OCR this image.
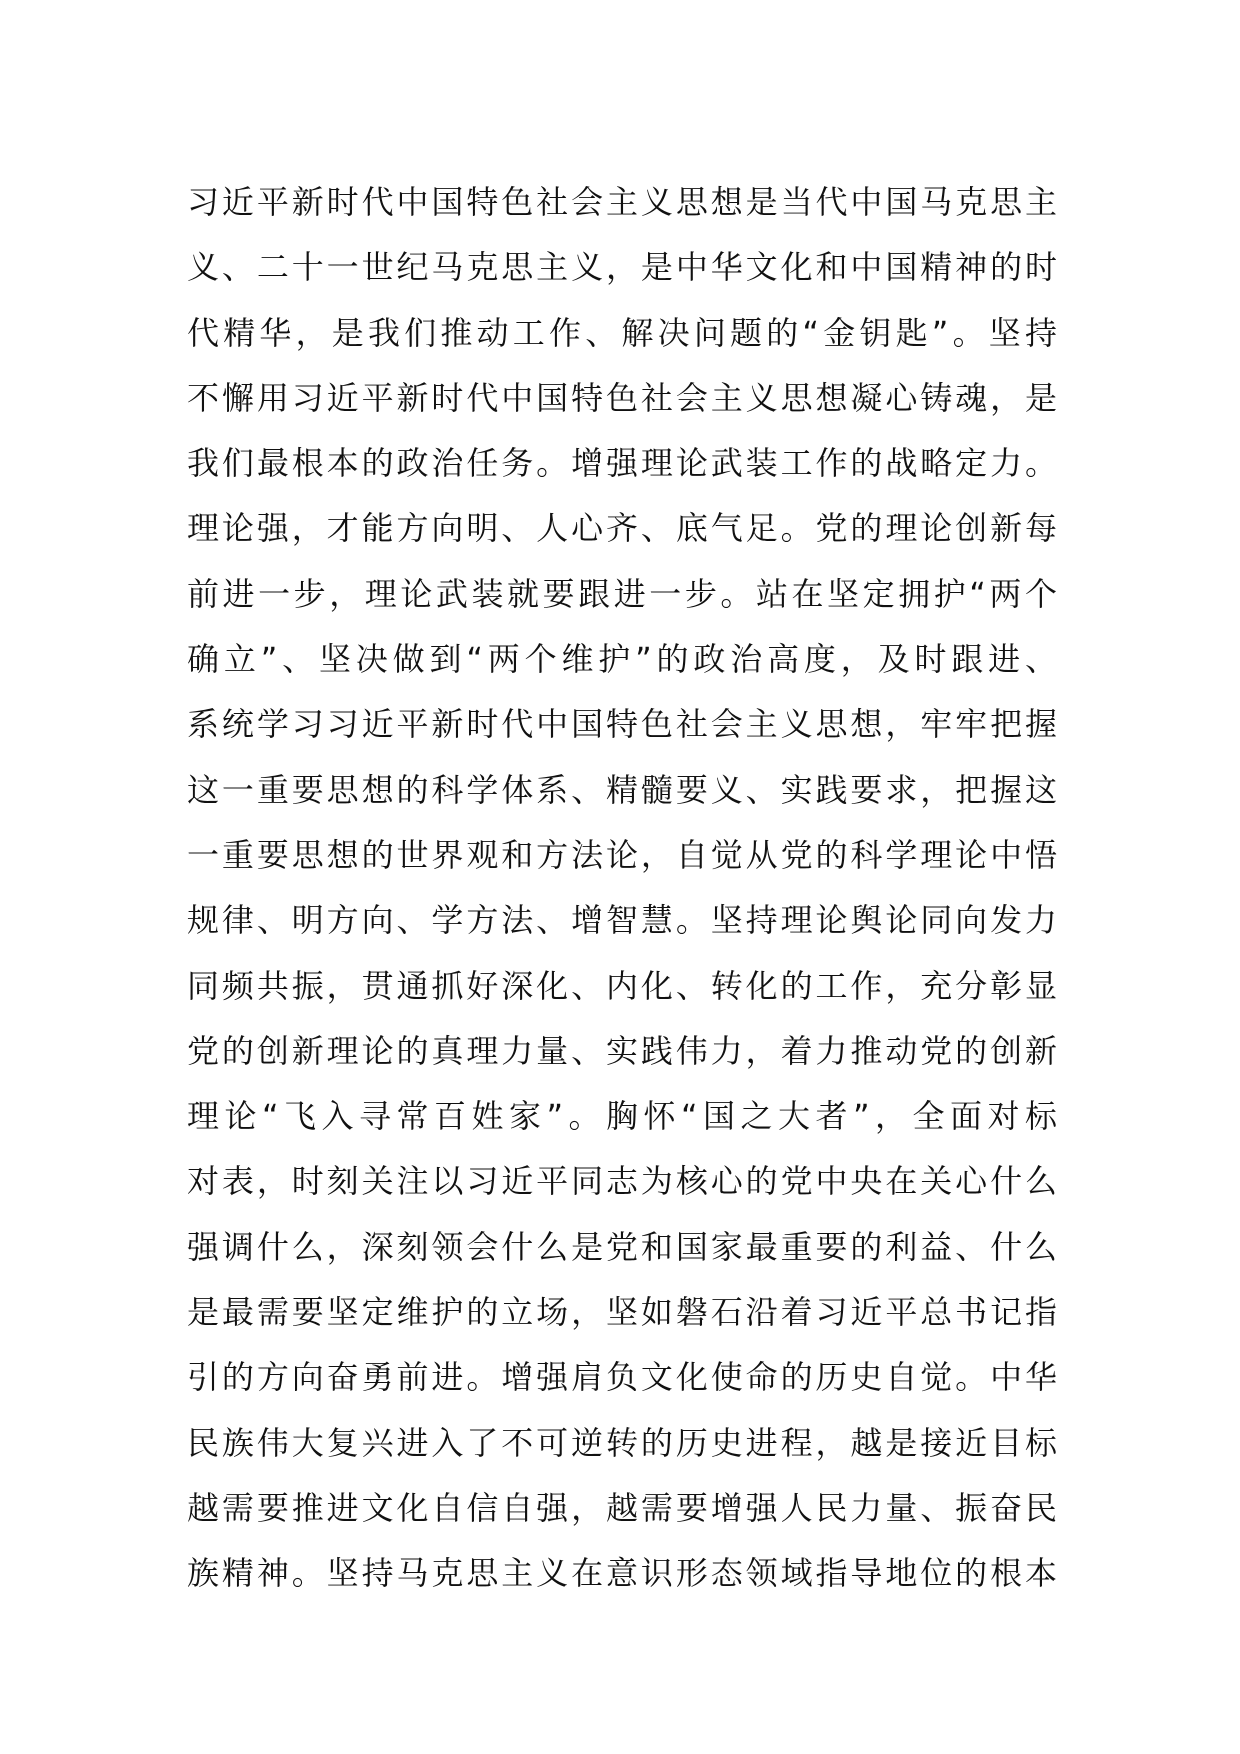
习近平新时代中国特色社会主义思想是当代中国马克思主
义、二十一世纪马克思主义，是中华文化和中国精神的时
代精华，是我们推动工作、解决问题的“金钥匙”。坚持
不懈用习近平新时代中国特色社会主义思想凝心铸魂，是
我们最根本的政治任务。增强理论武装工作的战略定力。
理论强，才能方向明、人心齐、底气足。党的理论创新每
前进一步，理论武装就要跟进一步。站在坚定拥护“两个
确立”、坚决做到“两个维护”的政治高度，及时跟进、
系统学习习近平新时代中国特色社会主义思想，牢牢把握
这一重要思想的科学体系、精髓要义、实践要求，把握这
一重要思想的世界观和方法论，自觉从党的科学理论中悟
规律、明方向、学方法、增智慧。坚持理论舆论同向发力
同频共振，贯通抓好深化、内化、转化的工作，充分彰显
党的创新理论的真理力量、实践伟力，着力推动党的创新
理论“飞入寻常百姓家”。胸怀“国之大者”，全面对标
对表，时刻关注以习近平同志为核心的党中央在关心什么
强调什么，深刻领会什么是党和国家最重要的利益、什么
是最需要坚定维护的立场，坚如磐石沿着习近平总书记指
引的方向奋勇前进。增强肩负文化使命的历史自觉。中华
民族伟大复兴进入了不可逆转的历史进程，越是接近目标
越需要推进文化自信自强，越需要增强人民力量、振奋民
族精神。坚持马克思主义在意识形态领域指导地位的根本
